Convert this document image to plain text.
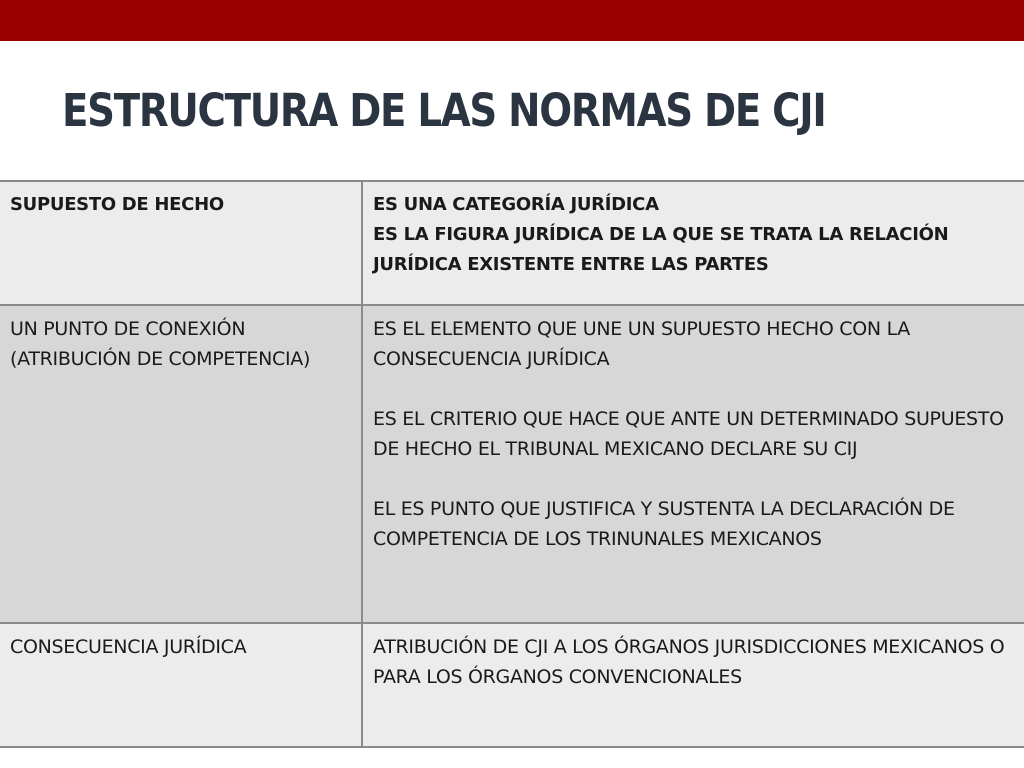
ESTRUCTURA DE LAS NORMAS DE CJI
SUPUESTO DE HECHO	ES UNA CATEGORÍA JURÍDICA
ES LA FIGURA JURÍDICA DE LA QUE SE TRATA LA RELACIÓN JURÍDICA EXISTENTE ENTRE LAS PARTES

UN PUNTO DE CONEXIÓN (ATRIBUCIÓN DE COMPETENCIA)	ES EL ELEMENTO QUE UNE UN SUPUESTO HECHO CON LA CONSECUENCIA JURÍDICA
ES EL CRITERIO QUE HACE QUE ANTE UN DETERMINADO SUPUESTO DE HECHO EL TRIBUNAL MEXICANO DECLARE SU CIJ
EL ES PUNTO QUE JUSTIFICA Y SUSTENTA LA DECLARACIÓN DE COMPETENCIA DE LOS TRINUNALES MEXICANOS

CONSECUENCIA JURÍDICA	ATRIBUCIÓN DE CJI A LOS ÓRGANOS JURISDICCIONES MEXICANOS O PARA LOS ÓRGANOS CONVENCIONALES
